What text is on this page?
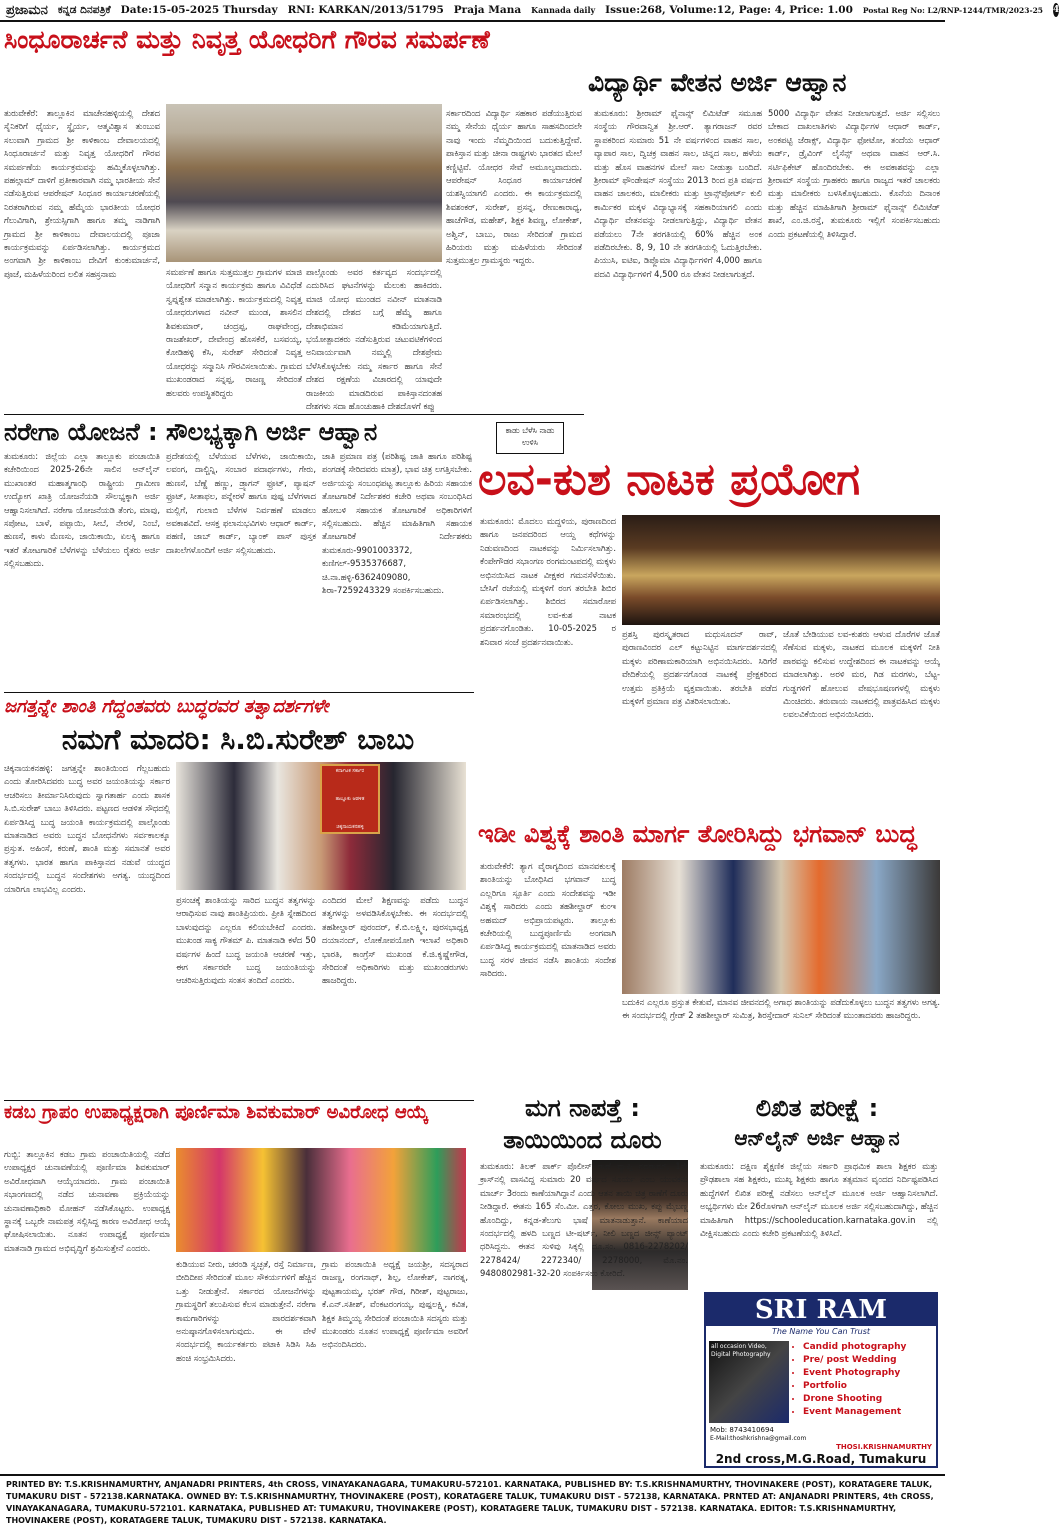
ಪ್ರಜಾಮನ ಕನ್ನಡ ದಿನಪತ್ರಿಕೆ Date:15-05-2025 Thursday RNI: KARKAN/2013/51795 Praja Mana Kannada daily Issue:268, Volume:12, Page: 4, Price: 1.00 Postal Reg No: L2/RNP-1244/TMR/2023-25 4
ಸಿಂಧೂರಾರ್ಚನೆ ಮತ್ತು ನಿವೃತ್ತ ಯೋಧರಿಗೆ ಗೌರವ ಸಮರ್ಪಣೆ
ತುರುವೇಕೆರೆ: ತಾಲ್ಲೂಕಿನ ಮಾಚೇನಹಳ್ಳಿಯಲ್ಲಿ ದೇಶದ ಸೈನಿಕರಿಗೆ ಧೈರ್ಯ, ಸ್ಥೈರ್ಯ, ಆತ್ಮವಿಶ್ವಾಸ ತುಂಬುವ ಸಲುವಾಗಿ ಗ್ರಾಮದ ಶ್ರೀ ಕಾಳಿಕಾಂಬ ದೇವಾಲಯದಲ್ಲಿ ಸಿಂಧೂರಾರ್ಚನೆ ಮತ್ತು ನಿವೃತ್ತ ಯೋಧರಿಗೆ ಗೌರವ ಸಮರ್ಪಣೆಯ ಕಾರ್ಯಕ್ರಮವನ್ನು ಹಮ್ಮಿಕೊಳ್ಳಲಾಗಿತ್ತು. ಪಹಲ್ಗಾಮ್ ದಾಳಿಗೆ ಪ್ರತೀಕಾರವಾಗಿ ನಮ್ಮ ಭಾರತೀಯ ಸೇನೆ ನಡೆಸುತ್ತಿರುವ ಆಪರೇಷನ್ ಸಿಂಧೂರ ಕಾರ್ಯಾಚರಣೆಯಲ್ಲಿ ನಿರತರಾಗಿರುವ ನಮ್ಮ ಹೆಮ್ಮೆಯ ಭಾರತೀಯ ಯೋಧರ ಗೆಲುವಿಗಾಗಿ, ಶ್ರೇಯಸ್ಸಿಗಾಗಿ ಹಾಗೂ ತಮ್ಮ ನಾಡಿಗಾಗಿ ಗ್ರಾಮದ ಶ್ರೀ ಕಾಳಿಕಾಂಬ ದೇವಾಲಯದಲ್ಲಿ ಪೂಜಾ ಕಾರ್ಯಕ್ರಮವನ್ನು ಏರ್ಪಡಿಸಲಾಗಿತ್ತು. ಕಾರ್ಯಕ್ರಮದ ಅಂಗವಾಗಿ ಶ್ರೀ ಕಾಳಿಕಾಂಬ ದೇವಿಗೆ ಕುಂಕುಮಾರ್ಚನೆ, ಪೂಜೆ, ಮಹಿಳೆಯರಿಂದ ಲಲಿತ ಸಹಸ್ರನಾಮ	ಸಮರ್ಪಣೆ ಹಾಗೂ ಸುತ್ತಮುತ್ತಲ ಗ್ರಾಮಗಳ ಮಾಜಿ ಯೋಧರಿಗೆ ಸನ್ಮಾನ ಕಾರ್ಯಕ್ರಮ ಹಾಗೂ ವಿವಿಧೆಡೆ ಸ್ವಪ್ನಶ್ವೇತ ಮಾಡಲಾಗಿತ್ತು. ಕಾರ್ಯಕ್ರಮದಲ್ಲಿ ನಿವೃತ್ತ ಯೋಧರುಗಳಾದ ನವೀನ್ ಮುಂಡ, ಶಾಸಲಿನ ಶಿವಕುಮಾರ್, ಚಂದ್ರಪ್ಪ, ರಾಘವೇಂದ್ರ, ರಾಜಶೇಖರ್, ದೇವೇಂದ್ರ ಹೊಸಕೆರೆ, ಬಸವಯ್ಯ, ಕೋಡಿಹಳ್ಳಿ ಕೆಸಿ, ಸುರೇಶ್ ಸೇರಿದಂತೆ ನಿವೃತ್ತ ಯೋಧರನ್ನು ಸನ್ಮಾನಿಸಿ ಗೌರವಿಸಲಾಯಿತು. ಗ್ರಾಮದ ಮುಖಂಡರಾದ ಸನ್ನಪ್ಪ, ರಾಜಣ್ಣ ಸೇರಿದಂತೆ ಹಲವರು ಉಪಸ್ಥಿತರಿದ್ದರು
ಪಾಲ್ಗೊಂಡು ಅವರ ಕರ್ತವ್ಯದ ಸಂದರ್ಭದಲ್ಲಿ ಎದುರಿಸಿದ ಘಟನೆಗಳನ್ನು ಮೆಲುಕು ಹಾಕಿದರು. ಮಾಜಿ ಯೋಧ ಮುಂಡದ ನವೀನ್ ಮಾತನಾಡಿ ದೇಶದಲ್ಲಿ ದೇಶದ ಬಗ್ಗೆ ಹೆಮ್ಮೆ ಹಾಗೂ ದೇಶಾಭಿಮಾನ ಕಡಿಮೆಯಾಗುತ್ತಿದೆ. ಭಯೋತ್ಪಾದಕರು ನಡೆಸುತ್ತಿರುವ ಚಟುವಟಿಕೆಗಳಿಂದ ಅನಿವಾರ್ಯವಾಗಿ ನಮ್ಮಲ್ಲಿ ದೇಶಪ್ರೇಮ ಬೆಳೆಸಿಕೊಳ್ಳಬೇಕು ನಮ್ಮ ಸರ್ಕಾರ ಹಾಗೂ ಸೇನೆ ದೇಶದ ರಕ್ಷಣೆಯ ವಿಚಾರದಲ್ಲಿ ಯಾವುದೇ ರಾಜಕೀಯ ಮಾಡದಿರುವ ಪಾಕಿಸ್ತಾನದಂತಹ ದೇಶಗಳು ಸದಾ ಹೊಂಚುಹಾಕಿ ದೇಶದೊಳಗೆ ಕಪ್ಪು
ಸರ್ಕಾರದಿಂದ ವಿದ್ಯಾರ್ಥಿ ಸಹಕಾರ ಪಡೆಯುತ್ತಿರುವ ನಮ್ಮ ಸೇನೆಯ ಧೈರ್ಯ ಹಾಗೂ ಸಾಹಸದಿಂದಲೇ ನಾವು ಇಂದು ನೆಮ್ಮದಿಯಿಂದ ಬದುಕುತ್ತಿದ್ದೇವೆ. ಪಾಕಿಸ್ತಾನ ಮತ್ತು ಚೀನಾ ರಾಷ್ಟ್ರಗಳು ಭಾರತದ ಮೇಲೆ ಕಣ್ಣಿಟ್ಟಿವೆ. ಯೋಧರ ಸೇವೆ ಅಮೂಲ್ಯವಾದುದು. ಆಪರೇಷನ್ ಸಿಂಧೂರ ಕಾರ್ಯಾಚರಣೆ ಯಶಸ್ವಿಯಾಗಲಿ ಎಂದರು. ಈ ಕಾರ್ಯಕ್ರಮದಲ್ಲಿ ಶಿವಶಂಕರ್, ಸುರೇಶ್, ಪ್ರಸನ್ನ, ರೇಣುಕಾರಾಧ್ಯ, ಹಾಚೆಗೌಡ, ಮಹೇಶ್, ಶಿಕ್ಷಕ ಶಿವಣ್ಣ, ಲೋಕೇಶ್, ಅಶ್ವಿನ್, ಬಾಬು, ರಾಜು ಸೇರಿದಂತೆ ಗ್ರಾಮದ ಹಿರಿಯರು ಮತ್ತು ಮಹಿಳೆಯರು ಸೇರಿದಂತೆ ಸುತ್ತಮುತ್ತಲ ಗ್ರಾಮಸ್ಥರು ಇದ್ದರು.
ವಿದ್ಯಾರ್ಥಿ ವೇತನ ಅರ್ಜಿ ಆಹ್ವಾನ
ತುಮಕೂರು: ಶ್ರೀರಾಮ್ ಫೈನಾನ್ಸ್ ಲಿಮಿಟೆಡ್ ಸಮೂಹ ಸಂಸ್ಥೆಯ ಗೌರವಾನ್ವಿತ ಶ್ರೀ.ಆರ್. ತ್ಯಾಗರಾಜನ್ ರವರ ಸ್ಥಾಪಕರಿಂದ ಸುಮಾರು 51 ನೇ ವರ್ಷಗಳಿಂದ ವಾಹನ ಸಾಲ, ವ್ಯಾಪಾರ ಸಾಲ, ದ್ವಿಚಕ್ರ ವಾಹನ ಸಾಲ, ಚಿನ್ನದ ಸಾಲ, ಹಳೆಯ ಮತ್ತು ಹೊಸ ವಾಹನಗಳ ಮೇಲೆ ಸಾಲ ನೀಡುತ್ತಾ ಬಂದಿದೆ. ಶ್ರೀರಾಮ್ ಫೌಂಡೇಷನ್ ಸಂಸ್ಥೆಯು 2013 ರಿಂದ ಪ್ರತಿ ವರ್ಷದ ವಾಹನ ಚಾಲಕರು, ಮಾಲೀಕರು ಮತ್ತು ಟ್ರಾನ್ಸ್‌ಪೋರ್ಟ್ ಕುಲಿ ಕಾರ್ಮಿಕರ ಮಕ್ಕಳ ವಿದ್ಯಾಭ್ಯಾಸಕ್ಕೆ ಸಹಕಾರಿಯಾಗಲಿ ಎಂದು ವಿದ್ಯಾರ್ಥಿ ವೇತನವನ್ನು ನೀಡಲಾಗುತ್ತಿದ್ದು, ವಿದ್ಯಾರ್ಥಿ ವೇತನ ಪಡೆಯಲು 7ನೇ ತರಗತಿಯಲ್ಲಿ 60% ಹೆಚ್ಚಿನ ಅಂಕ ಪಡೆದಿರಬೇಕು. 8, 9, 10 ನೇ ತರಗತಿಯಲ್ಲಿ ಓದುತ್ತಿರಬೇಕು. ಪಿಯುಸಿ, ಐಟಿಐ, ಡಿಪ್ಲೊಮಾ ವಿದ್ಯಾರ್ಥಿಗಳಿಗೆ 4,000 ಹಾಗೂ ಪದವಿ ವಿದ್ಯಾರ್ಥಿಗಳಿಗೆ 4,500 ರೂ ವೇತನ ನೀಡಲಾಗುತ್ತದೆ.
5000 ವಿದ್ಯಾರ್ಥಿ ವೇತನ ನೀಡಲಾಗುತ್ತದೆ. ಅರ್ಜಿ ಸಲ್ಲಿಸಲು ಬೇಕಾದ ದಾಖಲಾತಿಗಳು ವಿದ್ಯಾರ್ಥಿಗಳ ಆಧಾರ್ ಕಾರ್ಡ್, ಅಂಕಪಟ್ಟಿ ಜೆರಾಕ್ಸ್, ವಿದ್ಯಾರ್ಥಿ ಫೋಟೋ, ತಂದೆಯ ಆಧಾರ್ ಕಾರ್ಡ್, ಡ್ರೈವಿಂಗ್ ಲೈಸೆನ್ಸ್ ಅಥವಾ ವಾಹನ ಆರ್.ಸಿ. ಸರ್ಟಿಫಿಕೇಟ್ ಹೊಂದಿರಬೇಕು. ಈ ಅವಕಾಶವನ್ನು ಎಲ್ಲಾ ಶ್ರೀರಾಮ್ ಸಂಸ್ಥೆಯ ಗ್ರಾಹಕರು ಹಾಗೂ ರಾಜ್ಯದ ಇತರೆ ಚಾಲಕರು ಮತ್ತು ಮಾಲೀಕರು ಬಳಸಿಕೊಳ್ಳಬಹುದು. ಕೊನೆಯ ದಿನಾಂಕ ಮತ್ತು ಹೆಚ್ಚಿನ ಮಾಹಿತಿಗಾಗಿ ಶ್ರೀರಾಮ್ ಫೈನಾನ್ಸ್ ಲಿಮಿಟೆಡ್ ಶಾಖೆ, ಎಂ.ಜಿ.ರಸ್ತೆ, ತುಮಕೂರು ಇಲ್ಲಿಗೆ ಸಂಪರ್ಕಿಸಬಹುದು ಎಂದು ಪ್ರಕಟಣೆಯಲ್ಲಿ ತಿಳಿಸಿದ್ದಾರೆ.
ನರೇಗಾ ಯೋಜನೆ : ಸೌಲಭ್ಯಕ್ಕಾಗಿ ಅರ್ಜಿ ಆಹ್ವಾನ	ಕಾಡು ಬೆಳೆಸಿ ನಾಡು ಉಳಿಸಿ
ತುಮಕೂರು: ಜಿಲ್ಲೆಯ ಎಲ್ಲಾ ತಾಲ್ಲೂಕು ಪಂಚಾಯಿತಿ ಕಚೇರಿಯಿಂದ 2025-26ನೇ ಸಾಲಿನ ಆನ್‌ಲೈನ್ ಮುಖಾಂತರ ಮಹಾತ್ಮಗಾಂಧಿ ರಾಷ್ಟ್ರೀಯ ಗ್ರಾಮೀಣ ಉದ್ಯೋಗ ಖಾತ್ರಿ ಯೋಜನೆಯಡಿ ಸೌಲಭ್ಯಕ್ಕಾಗಿ ಅರ್ಜಿ ಆಹ್ವಾನಿಸಲಾಗಿದೆ. ನರೇಗಾ ಯೋಜನೆಯಡಿ ತೆಂಗು, ಮಾವು, ಸಪೋಟ, ಬಾಳೆ, ಪಪ್ಪಾಯಿ, ಸೀಬೆ, ನೇರಳೆ, ನಿಂಬೆ, ಹುಣಸೆ, ಕಾಳು ಮೆಣಸು, ಜಾಯಿಕಾಯಿ, ಏಲಕ್ಕಿ ಹಾಗೂ ಇತರೆ ತೋಟಗಾರಿಕೆ ಬೆಳೆಗಳನ್ನು ಬೆಳೆಯಲು ರೈತರು ಅರ್ಜಿ ಸಲ್ಲಿಸಬಹುದು.
ಪ್ರದೇಶಯಲ್ಲಿ ಬೆಳೆಯುವ ಬೆಳೆಗಳು, ಜಾಯಿಕಾಯಿ, ಲವಂಗ, ದಾಲ್ಚಿನ್ನಿ, ಸಂಬಾರ ಪದಾರ್ಥಗಳು, ಗೇರು, ಹುಣಸೆ, ಬೆಣ್ಣೆ ಹಣ್ಣು, ಡ್ರ್ಯಾಗನ್ ಫ್ರೂಟ್, ಪ್ಯಾಷನ್ ಫ್ರೂಟ್, ಸೀತಾಫಲ, ಪನ್ನೇರಳೆ ಹಾಗೂ ಪುಷ್ಪ ಬೆಳೆಗಳಾದ ಮಲ್ಲಿಗೆ, ಗುಲಾಬಿ ಬೆಳೆಗಳ ನಿರ್ವಹಣೆ ಮಾಡಲು ಅವಕಾಶವಿದೆ. ಆಸಕ್ತ ಫಲಾನುಭವಿಗಳು ಆಧಾರ್ ಕಾರ್ಡ್, ಪಹಣಿ, ಜಾಬ್ ಕಾರ್ಡ್, ಬ್ಯಾಂಕ್ ಪಾಸ್ ಪುಸ್ತಕ ದಾಖಲೆಗಳೊಂದಿಗೆ ಅರ್ಜಿ ಸಲ್ಲಿಸಬಹುದು.
ಜಾತಿ ಪ್ರಮಾಣ ಪತ್ರ (ಪರಿಶಿಷ್ಟ ಜಾತಿ ಹಾಗೂ ಪರಿಶಿಷ್ಟ ಪಂಗಡಕ್ಕೆ ಸೇರಿದವರು ಮಾತ್ರ), ಭಾವ ಚಿತ್ರ ಲಗತ್ತಿಸಬೇಕು. ಅರ್ಜಿಯನ್ನು ಸಂಬಂಧಪಟ್ಟ ತಾಲ್ಲೂಕು ಹಿರಿಯ ಸಹಾಯಕ ತೋಟಗಾರಿಕೆ ನಿರ್ದೇಶಕರ ಕಚೇರಿ ಅಥವಾ ಸಂಬಂಧಿಸಿದ ಹೋಬಳಿ ಸಹಾಯಕ ತೋಟಗಾರಿಕೆ ಅಧಿಕಾರಿಗಳಿಗೆ ಸಲ್ಲಿಸಬಹುದು. ಹೆಚ್ಚಿನ ಮಾಹಿತಿಗಾಗಿ ಸಹಾಯಕ ತೋಟಗಾರಿಕೆ ನಿರ್ದೇಶಕರು ತುಮಕೂರು-9901003372, ಕುಣಿಗಲ್-9535376687, ಚಿ.ನಾ.ಹಳ್ಳಿ-6362409080, ಶಿರಾ-7259243329 ಸಂಪರ್ಕಿಸಬಹುದು.
ಲವ-ಕುಶ ನಾಟಕ ಪ್ರಯೋಗ
ತುಮಕೂರು: ಮೊದಲು ಮದ್ದಳಿಯ, ಪುರಾಣದಿಂದ ಹಾಗೂ ಜನಪದರಿಂದ ಆಯ್ದ ಕಥೆಗಳನ್ನು ನಿಡುವಣದಿಂದ ನಾಟಕವನ್ನು ನಿರ್ಮಿಸಲಾಗಿತ್ತು. ಕೆಂಪೇಗೌಡರ ಸಭಾಂಗಣ ರಂಗಮಂಟಪದಲ್ಲಿ ಮಕ್ಕಳು ಅಭಿನಯಿಸಿದ ನಾಟಕ ವೀಕ್ಷಕರ ಗಮನಸೆಳೆಯಿತು. ಬೇಸಿಗೆ ರಜೆಯಲ್ಲಿ ಮಕ್ಕಳಿಗೆ ರಂಗ ತರಬೇತಿ ಶಿಬಿರ ಏರ್ಪಡಿಸಲಾಗಿತ್ತು. ಶಿಬಿರದ ಸಮಾರೋಪ ಸಮಾರಂಭದಲ್ಲಿ ಲವ-ಕುಶ ನಾಟಕ ಪ್ರದರ್ಶನಗೊಂಡಿತು. 10-05-2025 ರ ಶನಿವಾರ ಸಂಜೆ ಪ್ರದರ್ಶನವಾಯಿತು.
ಪ್ರಶಸ್ತಿ ಪುರಸ್ಕೃತರಾದ ಮಧುಸೂದನ್ ರಾವ್, ಪುರಾಣವಿಂದರ ಎಲ್ ಕಟ್ಟುನಿಟ್ಟಿನ ಮಾರ್ಗದರ್ಶನದಲ್ಲಿ ಮಕ್ಕಳು ಪರಿಣಾಮಕಾರಿಯಾಗಿ ಅಭಿನಯಿಸಿದರು. ಸಿರಿಗೆರೆ ವೇದಿಕೆಯಲ್ಲಿ ಪ್ರದರ್ಶನಗೊಂಡ ನಾಟಕಕ್ಕೆ ಪ್ರೇಕ್ಷಕರಿಂದ ಉತ್ತಮ ಪ್ರತಿಕ್ರಿಯೆ ವ್ಯಕ್ತವಾಯಿತು. ತರಬೇತಿ ಪಡೆದ ಮಕ್ಕಳಿಗೆ ಪ್ರಮಾಣ ಪತ್ರ ವಿತರಿಸಲಾಯಿತು.
ಜೊತೆ ಬೇಡಿಯುವ ಲವ-ಕುಶರು ಆಳುವ ದೊರೆಗಳ ಜೊತೆ ಸೆಣೆಸುವ ಮಕ್ಕಳು, ನಾಟಕದ ಮೂಲಕ ಮಕ್ಕಳಿಗೆ ನೀತಿ ಪಾಠವನ್ನು ಕಲಿಸುವ ಉದ್ದೇಶದಿಂದ ಈ ನಾಟಕವನ್ನು ಆಯ್ಕೆ ಮಾಡಲಾಗಿತ್ತು. ಅರಳಿ ಮರ, ಗಿಡ ಮರಗಳು, ಬೆಟ್ಟ-ಗುಡ್ಡಗಳಿಗೆ ಹೋಲುವ ವೇಷಭೂಷಣಗಳಲ್ಲಿ ಮಕ್ಕಳು ಮಿಂಚಿದರು. ತರುವಾಯ ನಾಟಕದಲ್ಲಿ ಪಾತ್ರವಹಿಸಿದ ಮಕ್ಕಳು ಲವಲವಿಕೆಯಿಂದ ಅಭಿನಯಿಸಿದರು.
ಜಗತ್ತನ್ನೇ ಶಾಂತಿ ಗೆದ್ದಂತವರು ಬುದ್ಧರವರ ತತ್ವಾದರ್ಶಗಳೇ
ನಮಗೆ ಮಾದರಿ: ಸಿ.ಬಿ.ಸುರೇಶ್ ಬಾಬು
ಚಿಕ್ಕನಾಯಕನಹಳ್ಳಿ: ಜಗತ್ತನ್ನೇ ಶಾಂತಿಯಿಂದ ಗೆಲ್ಲಬಹುದು ಎಂದು ತೋರಿಸಿದವರು ಬುದ್ಧ ಅವರ ಜಯಂತಿಯನ್ನು ಸರ್ಕಾರ ಆಚರಿಸಲು ತೀರ್ಮಾನಿಸಿರುವುದು ಸ್ವಾಗತಾರ್ಹ ಎಂದು ಶಾಸಕ ಸಿ.ಬಿ.ಸುರೇಶ್ ಬಾಬು ತಿಳಿಸಿದರು. ಪಟ್ಟಣದ ಆಡಳಿತ ಸೌಧದಲ್ಲಿ ಏರ್ಪಡಿಸಿದ್ದ ಬುದ್ಧ ಜಯಂತಿ ಕಾರ್ಯಕ್ರಮದಲ್ಲಿ ಪಾಲ್ಗೊಂಡು ಮಾತನಾಡಿದ ಅವರು ಬುದ್ಧನ ಬೋಧನೆಗಳು ಸರ್ವಕಾಲಕ್ಕೂ ಪ್ರಸ್ತುತ. ಅಹಿಂಸೆ, ಕರುಣೆ, ಶಾಂತಿ ಮತ್ತು ಸಮಾನತೆ ಅವರ ತತ್ವಗಳು. ಭಾರತ ಹಾಗೂ ಪಾಕಿಸ್ತಾನದ ನಡುವೆ ಯುದ್ಧದ ಸಂದರ್ಭದಲ್ಲಿ ಬುದ್ಧನ ಸಂದೇಶಗಳು ಅಗತ್ಯ. ಯುದ್ಧದಿಂದ ಯಾರಿಗೂ ಲಾಭವಿಲ್ಲ ಎಂದರು.
ಕರ್ನಾಟಕ ಸರ್ಕಾರ
ತಾಲ್ಲೂಕು ಆಡಳಿತ
ಚಿಕ್ಕನಾಯಕನಹಳ್ಳಿ
ಪ್ರಸಂಚಕ್ಕೆ ಶಾಂತಿಯನ್ನು ಸಾರಿದ ಬುದ್ಧನ ತತ್ವಗಳನ್ನು ಆರಾಧಿಸುವ ನಾವು ಶಾಂತಿಪ್ರಿಯರು. ಪ್ರೀತಿ ಸ್ನೇಹದಿಂದ ಬಾಳುವುದನ್ನು ಎಲ್ಲರೂ ಕಲಿಯಬೇಕಿದೆ ಎಂದರು. ಮುಖಂಡ ಸಾಕ್ಯ ಗೌತಮ್ ಪಿ. ಮಾತನಾಡಿ ಕಳೆದ 50 ವರ್ಷಗಳ ಹಿಂದೆ ಬುದ್ಧ ಜಯಂತಿ ಆಚರಣೆ ಇತ್ತು, ಈಗ ಸರ್ಕಾರವೇ ಬುದ್ಧ ಜಯಂತಿಯನ್ನು ಆಚರಿಸುತ್ತಿರುವುದು ಸಂತಸ ತಂದಿದೆ ಎಂದರು.
ಎಂದಿದರ ಮೇಲೆ ಶಿಕ್ಷಣವನ್ನು ಪಡೆದು ಬುದ್ಧನ ತತ್ವಗಳನ್ನು ಅಳವಡಿಸಿಕೊಳ್ಳಬೇಕು. ಈ ಸಂದರ್ಭದಲ್ಲಿ ತಹಶೀಲ್ದಾರ್ ಪುರಂದರ್, ಕೆ.ಬಿ.ಲಕ್ಷ್ಮೀ, ಪುರಸಭಾಧ್ಯಕ್ಷ ದಯಾನಂದ್, ಲೋಕೋಪಯೋಗಿ ಇಲಾಖೆ ಅಧಿಕಾರಿ ಭಾರತಿ, ಕಾಂಗ್ರೆಸ್ ಮುಖಂಡ ಕೆ.ಜಿ.ಕೃಷ್ಣೇಗೌಡ, ಸೇರಿದಂತೆ ಅಧಿಕಾರಿಗಳು ಮತ್ತು ಮುಖಂಡರುಗಳು ಹಾಜರಿದ್ದರು.
ಇಡೀ ವಿಶ್ವಕ್ಕೆ ಶಾಂತಿ ಮಾರ್ಗ ತೋರಿಸಿದ್ದು ಭಗವಾನ್ ಬುದ್ಧ
ತುರುವೇಕೆರೆ: ತ್ಯಾಗ ವೈರಾಗ್ಯದಿಂದ ಮಾನವಕುಲಕ್ಕೆ ಶಾಂತಿಯನ್ನು ಬೋಧಿಸಿದ ಭಗವಾನ್ ಬುದ್ಧ ಎಲ್ಲರಿಗೂ ಸ್ಪೂರ್ತಿ ಎಂದು ಸಂದೇಶವನ್ನು ಇಡೀ ವಿಶ್ವಕ್ಕೆ ಸಾರಿದರು ಎಂದು ತಹಶೀಲ್ದಾರ್ ಕುಂಇ ಅಹಮದ್ ಅಭಿಪ್ರಾಯಪಟ್ಟರು. ತಾಲ್ಲೂಕು ಕಚೇರಿಯಲ್ಲಿ ಬುದ್ಧಪೂರ್ಣಿಮೆ ಅಂಗವಾಗಿ ಏರ್ಪಡಿಸಿದ್ದ ಕಾರ್ಯಕ್ರಮದಲ್ಲಿ ಮಾತನಾಡಿದ ಅವರು ಬುದ್ಧ ಸರಳ ಜೀವನ ನಡೆಸಿ ಶಾಂತಿಯ ಸಂದೇಶ ಸಾರಿದರು.
ಬದುಕಿನ ಎಲ್ಲರೂ ಪ್ರಸ್ತುತ ಕೇತುವೆ, ಮಾನವ ಜೀವನದಲ್ಲಿ ಅಗಾಧ ಶಾಂತಿಯನ್ನು ಪಡೆದುಕೊಳ್ಳಲು ಬುದ್ಧನ ತತ್ವಗಳು ಅಗತ್ಯ. ಈ ಸಂದರ್ಭದಲ್ಲಿ ಗ್ರೇಡ್ 2 ತಹಶೀಲ್ದಾರ್ ಸುಮಿತ್ರ, ಶಿರಸ್ತೇದಾರ್ ಸುನಿಲ್ ಸೇರಿದಂತೆ ಮುಂತಾದವರು ಹಾಜರಿದ್ದರು.
ಕಡಬ ಗ್ರಾಪಂ ಉಪಾಧ್ಯಕ್ಷರಾಗಿ ಪೂರ್ಣಿಮಾ ಶಿವಕುಮಾರ್ ಅವಿರೋಧ ಆಯ್ಕೆ
ಗುಬ್ಬಿ: ತಾಲ್ಲೂಕಿನ ಕಡಬ ಗ್ರಾಮ ಪಂಚಾಯಿತಿಯಲ್ಲಿ ನಡೆದ ಉಪಾಧ್ಯಕ್ಷರ ಚುನಾವಣೆಯಲ್ಲಿ ಪೂರ್ಣಿಮಾ ಶಿವಕುಮಾರ್ ಅವಿರೋಧವಾಗಿ ಆಯ್ಕೆಯಾದರು. ಗ್ರಾಮ ಪಂಚಾಯಿತಿ ಸಭಾಂಗಣದಲ್ಲಿ ನಡೆದ ಚುನಾವಣಾ ಪ್ರಕ್ರಿಯೆಯನ್ನು ಚುನಾವಣಾಧಿಕಾರಿ ಮೋಹನ್ ನಡೆಸಿಕೊಟ್ಟರು. ಉಪಾಧ್ಯಕ್ಷ ಸ್ಥಾನಕ್ಕೆ ಒಬ್ಬರೇ ನಾಮಪತ್ರ ಸಲ್ಲಿಸಿದ್ದ ಕಾರಣ ಅವಿರೋಧ ಆಯ್ಕೆ ಘೋಷಿಸಲಾಯಿತು. ನೂತನ ಉಪಾಧ್ಯಕ್ಷೆ ಪೂರ್ಣಿಮಾ ಮಾತನಾಡಿ ಗ್ರಾಮದ ಅಭಿವೃದ್ಧಿಗೆ ಶ್ರಮಿಸುತ್ತೇನೆ ಎಂದರು.
ಕುಡಿಯುವ ನೀರು, ಚರಂಡಿ ಸ್ವಚ್ಛತೆ, ರಸ್ತೆ ನಿರ್ಮಾಣ, ಬೀದಿದೀಪ ಸೇರಿದಂತೆ ಮೂಲ ಸೌಕರ್ಯಗಳಿಗೆ ಹೆಚ್ಚಿನ ಒತ್ತು ನೀಡುತ್ತೇನೆ. ಸರ್ಕಾರದ ಯೋಜನೆಗಳನ್ನು ಗ್ರಾಮಸ್ಥರಿಗೆ ತಲುಪಿಸುವ ಕೆಲಸ ಮಾಡುತ್ತೇನೆ. ನರೇಗಾ ಕಾಮಗಾರಿಗಳನ್ನು ಪಾರದರ್ಶಕವಾಗಿ ಅನುಷ್ಠಾನಗೊಳಿಸಲಾಗುವುದು. ಈ ವೇಳೆ ಸಂದರ್ಭದಲ್ಲಿ ಕಾರ್ಯಕರ್ತರು ಪಟಾಕಿ ಸಿಡಿಸಿ ಸಿಹಿ ಹಂಚಿ ಸಂಭ್ರಮಿಸಿದರು.
ಗ್ರಾಮ ಪಂಚಾಯಿತಿ ಅಧ್ಯಕ್ಷೆ ಜಯಶ್ರೀ, ಸದಸ್ಯರಾದ ರಾಜಣ್ಣ, ರಂಗನಾಥ್, ಶಿಲ್ಪ, ಲೋಕೇಶ್, ನಾಗರತ್ನ, ಪುಟ್ಟತಾಯಮ್ಮ, ಭರತ್ ಗೌಡ, ಗಿರೀಶ್, ಪುಟ್ಟರಾಜು, ಕೆ.ಎನ್.ಸತೀಶ್, ವೆಂಕಟರಂಗಯ್ಯ, ಪುಷ್ಪಲಕ್ಷ್ಮಿ, ಕವಿತ, ಶಿಕ್ಷಕ ತಿಮ್ಮಯ್ಯ ಸೇರಿದಂತೆ ಪಂಚಾಯಿತಿ ಸದಸ್ಯರು ಮತ್ತು ಮುಖಂಡರು ನೂತನ ಉಪಾಧ್ಯಕ್ಷೆ ಪೂರ್ಣಿಮಾ ಅವರಿಗೆ ಅಭಿನಂದಿಸಿದರು.
ಮಗ ನಾಪತ್ತೆ :
ತಾಯಿಯಿಂದ ದೂರು
ತುಮಕೂರು: ತಿಲಕ್ ಪಾರ್ಕ್ ಪೊಲೀಸ್ ಠಾಣೆ ವ್ಯಾಪ್ತಿ ನವರಾಮ್, 1ನೇ ಕ್ರಾಸ್‌ನಲ್ಲಿ ವಾಸವಿದ್ದ ಸುಮಾರು 20 ವರ್ಷದ ಸೂರ್ಯ ಎಂಬ ಯುವಕನು ಮಾರ್ಚ್ 3ರಂದು ಕಾಣೆಯಾಗಿದ್ದಾನೆ ಎಂದು ಆತನ ತಾಯಿ ಚಿತ್ರ ಠಾಣೆಗೆ ದೂರು ನೀಡಿದ್ದಾರೆ. ಈತನು 165 ಸೆಂ.ಮೀ. ಎತ್ತರ, ಕೋಲು ಮುಖ, ಕಪ್ಪು ಮೈಬಣ್ಣ ಹೊಂದಿದ್ದು, ಕನ್ನಡ-ತೆಲುಗು ಭಾಷೆ ಮಾತನಾಡುತ್ತಾನೆ. ಕಾಣೆಯಾದ ಸಂದರ್ಭದಲ್ಲಿ ಹಳದಿ ಬಣ್ಣದ ಟೀ-ಷರ್ಟ್, ನೀಲಿ ಬಣ್ಣದ ಜೀನ್ಸ್ ಪ್ಯಾಂಟ್ ಧರಿಸಿದ್ದನು. ಈತನ ಸುಳಿವು ಸಿಕ್ಕಲ್ಲಿ ದೂ.ಸಂ. 0816-2278202/ 2278424/ 2272340/ 2278000, ಮೊ.ನಂ. 9480802981-32-20 ಸಂಪರ್ಕಿಸಲು ಕೋರಿದೆ.
ಲಿಖಿತ ಪರೀಕ್ಷೆ :
ಆನ್‌ಲೈನ್ ಅರ್ಜಿ ಆಹ್ವಾನ
ತುಮಕೂರು: ದಕ್ಷಿಣ ಶೈಕ್ಷಣಿಕ ಜಿಲ್ಲೆಯ ಸರ್ಕಾರಿ ಪ್ರಾಥಮಿಕ ಶಾಲಾ ಶಿಕ್ಷಕರ ಮತ್ತು ಪ್ರೌಢಶಾಲಾ ಸಹ ಶಿಕ್ಷಕರು, ಮುಖ್ಯ ಶಿಕ್ಷಕರು ಹಾಗೂ ತತ್ಸಮಾನ ವೃಂದದ ನಿರ್ದಿಷ್ಟಪಡಿಸಿದ ಹುದ್ದೆಗಳಿಗೆ ಲಿಖಿತ ಪರೀಕ್ಷೆ ನಡೆಸಲು ಆನ್‌ಲೈನ್ ಮೂಲಕ ಅರ್ಜಿ ಆಹ್ವಾನಿಸಲಾಗಿದೆ. ಅಭ್ಯರ್ಥಿಗಳು ಮೇ 26ರೊಳಗಾಗಿ ಆನ್‌ಲೈನ್ ಮೂಲಕ ಅರ್ಜಿ ಸಲ್ಲಿಸಬಹುದಾಗಿದ್ದು, ಹೆಚ್ಚಿನ ಮಾಹಿತಿಗಾಗಿ https://schooleducation.karnataka.gov.in ನಲ್ಲಿ ವೀಕ್ಷಿಸಬಹುದು ಎಂದು ಕಚೇರಿ ಪ್ರಕಟಣೆಯಲ್ಲಿ ತಿಳಿಸಿದೆ.
SRI RAM
The Name You Can Trust
all occasion Video, Digital Photography
• Candid photography
• Pre/ post Wedding
• Event Photography
• Portfolio
• Drone Shooting
• Event Management
Mob: 8743410694
E-Mail:thoshkrishna@gmail.com
THOSI.KRISHNAMURTHY
2nd cross,M.G.Road, Tumakuru
PRINTED BY: T.S.KRISHNAMURTHY, ANJANADRI PRINTERS, 4th CROSS, VINAYAKANAGARA, TUMAKURU-572101. KARNATAKA, PUBLISHED BY: T.S.KRISHNAMURTHY, THOVINAKERE (POST), KORATAGERE TALUK, TUMAKURU DIST - 572138.KARNATAKA. OWNED BY: T.S.KRISHNAMURTHY, THOVINAKERE (POST), KORATAGERE TALUK, TUMAKURU DIST - 572138, KARNATAKA. PRNTED AT: ANJANADRI PRINTERS, 4th CROSS, VINAYAKANAGARA, TUMAKURU-572101. KARNATAKA, PUBLISHED AT: TUMAKURU, THOVINAKERE (POST), KORATAGERE TALUK, TUMAKURU DIST - 572138. KARNATAKA. EDITOR: T.S.KRISHNAMURTHY, THOVINAKERE (POST), KORATAGERE TALUK, TUMAKURU DIST - 572138. KARNATAKA.
